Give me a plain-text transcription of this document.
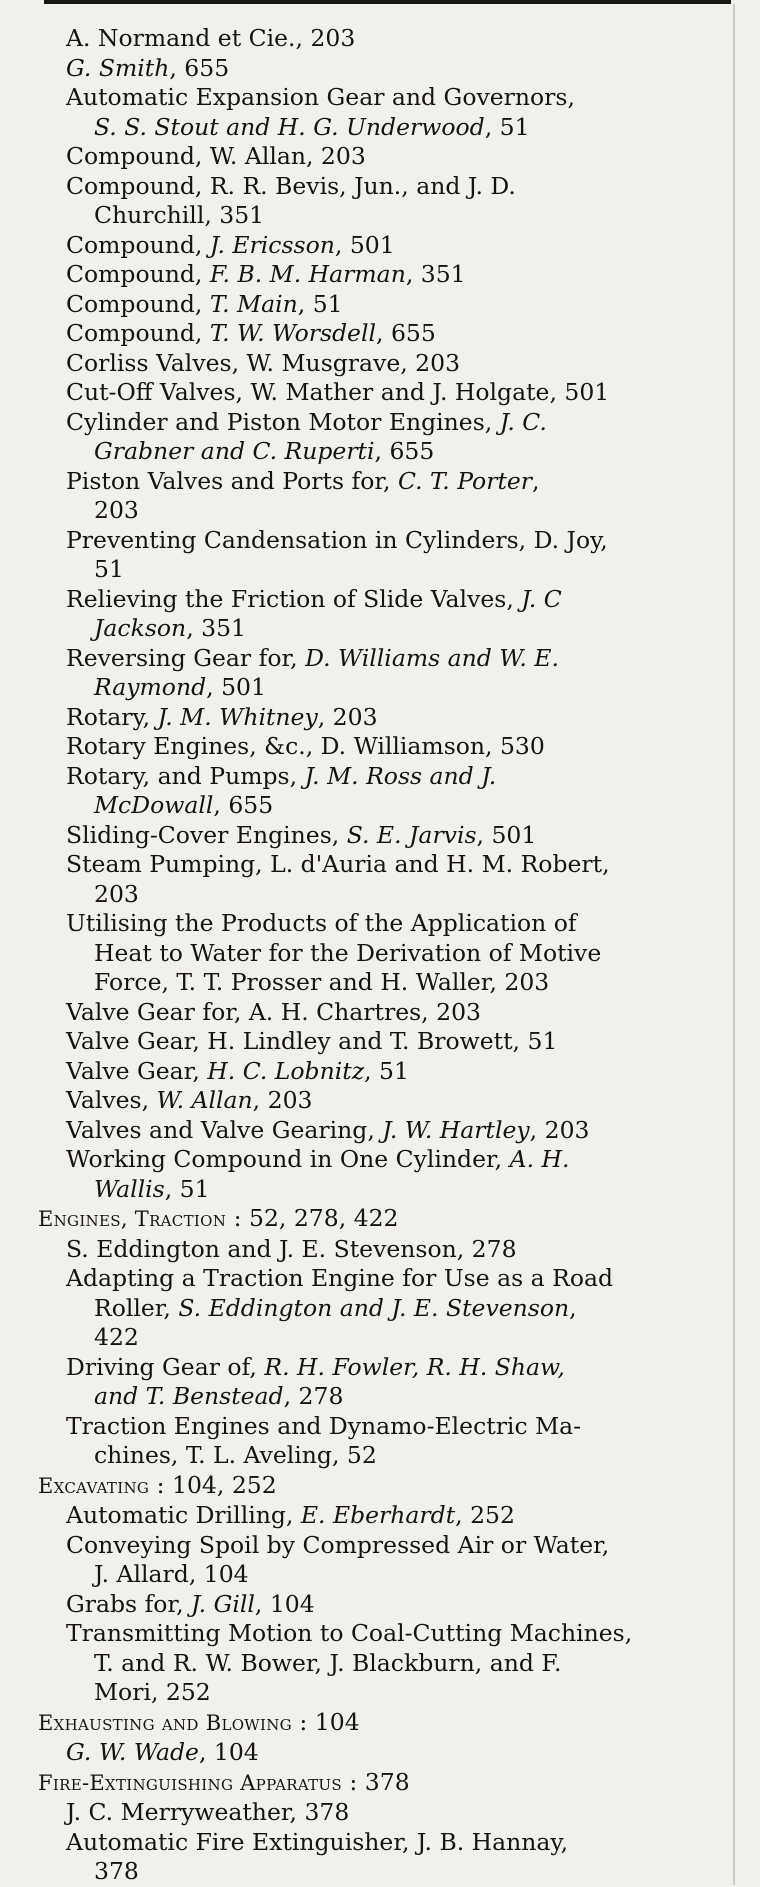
A. Normand et Cie., 203
G. Smith, 655
Automatic Expansion Gear and Governors,

S. S. Stout and H. G. Underwood, 51
Compound, W. Allan, 203
Compound, R. R. Bevis, Jun., and J. D.

Churchill, 351
Compound, J. Ericsson, 501
Compound, F. B. M. Harman, 351
Compound, T. Main, 51
Compound, T. W. Worsdell, 655
Corliss Valves, W. Musgrave, 203
Cut-Off Valves, W. Mather and J. Holgate, 501
Cylinder and Piston Motor Engines, J. C.

Grabner and C. Ruperti, 655
Piston Valves and Ports for, C. T. Porter,

203
Preventing Candensation in Cylinders, D. Joy,

51
Relieving the Friction of Slide Valves, J. C

Jackson, 351
Reversing Gear for, D. Williams and W. E.

Raymond, 501
Rotary, J. M. Whitney, 203
Rotary Engines, &c., D. Williamson, 530
Rotary, and Pumps, J. M. Ross and J.

McDowall, 655
Sliding-Cover Engines, S. E. Jarvis, 501
Steam Pumping, L. d'Auria and H. M. Robert,

203
Utilising the Products of the Application of

Heat to Water for the Derivation of Motive
Force, T. T. Prosser and H. Waller, 203
Valve Gear for, A. H. Chartres, 203
Valve Gear, H. Lindley and T. Browett, 51
Valve Gear, H. C. Lobnitz, 51
Valves, W. Allan, 203
Valves and Valve Gearing, J. W. Hartley, 203
Working Compound in One Cylinder, A. H.

Wallis, 51
Engines, Traction : 52, 278, 422
S. Eddington and J. E. Stevenson, 278
Adapting a Traction Engine for Use as a Road

Roller, S. Eddington and J. E. Stevenson,
422
Driving Gear of, R. H. Fowler, R. H. Shaw,

and T. Benstead, 278
Traction Engines and Dynamo-Electric Ma-

chines, T. L. Aveling, 52
Excavating : 104, 252
Automatic Drilling, E. Eberhardt, 252
Conveying Spoil by Compressed Air or Water,

J. Allard, 104
Grabs for, J. Gill, 104
Transmitting Motion to Coal-Cutting Machines,

T. and R. W. Bower, J. Blackburn, and F.
Mori, 252
Exhausting and Blowing : 104
G. W. Wade, 104
Fire-Extinguishing Apparatus : 378
J. C. Merryweather, 378
Automatic Fire Extinguisher, J. B. Hannay,

378
